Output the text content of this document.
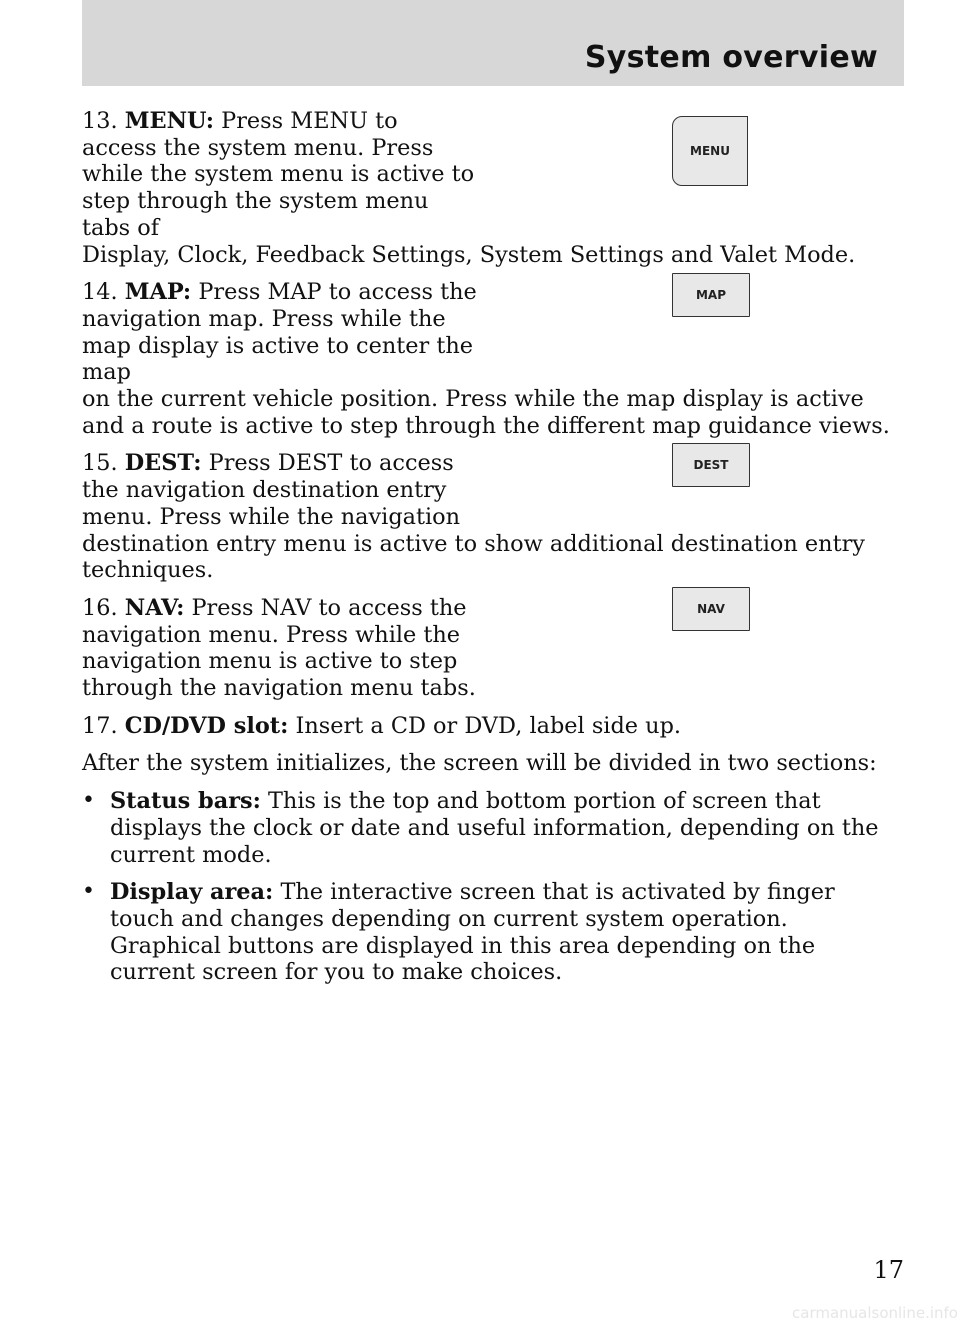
System overview

13. MENU: Press MENU to access the system menu. Press while the system menu is active to step through the system menu tabs of

Display, Clock, Feedback Settings, System Settings and Valet Mode.

MENU

14. MAP: Press MAP to access the navigation map. Press while the map display is active to center the map

on the current vehicle position. Press while the map display is active and a route is active to step through the different map guidance views.

MAP

15. DEST: Press DEST to access the navigation destination entry menu. Press while the navigation

destination entry menu is active to show additional destination entry techniques.

DEST

16. NAV: Press NAV to access the navigation menu. Press while the navigation menu is active to step through the navigation menu tabs.

NAV

17. CD/DVD slot: Insert a CD or DVD, label side up.

After the system initializes, the screen will be divided in two sections:

• Status bars: This is the top and bottom portion of screen that displays the clock or date and useful information, depending on the current mode.
• Display area: The interactive screen that is activated by finger touch and changes depending on current system operation. Graphical buttons are displayed in this area depending on the current screen for you to make choices.

17

carmanualsonline.info
